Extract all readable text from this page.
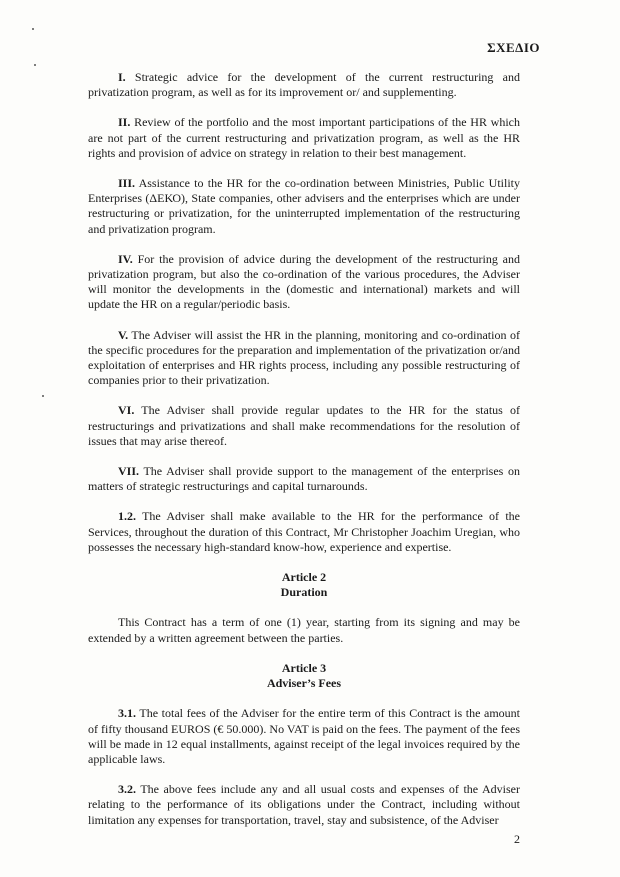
ΣΧΕΔΙΟ

I. Strategic advice for the development of the current restructuring and privatization program, as well as for its improvement or/ and supplementing.

II. Review of the portfolio and the most important participations of the HR which are not part of the current restructuring and privatization program, as well as the HR rights and provision of advice on strategy in relation to their best management.

III. Assistance to the HR for the co-ordination between Ministries, Public Utility Enterprises (ΔΕΚΟ), State companies, other advisers and the enterprises which are under restructuring or privatization, for the uninterrupted implementation of the restructuring and privatization program.

IV. For the provision of advice during the development of the restructuring and privatization program, but also the co-ordination of the various procedures, the Adviser will monitor the developments in the (domestic and international) markets and will update the HR on a regular/periodic basis.

V. The Adviser will assist the HR in the planning, monitoring and co-ordination of the specific procedures for the preparation and implementation of the privatization or/and exploitation of enterprises and HR rights process, including any possible restructuring of companies prior to their privatization.

VI. The Adviser shall provide regular updates to the HR for the status of restructurings and privatizations and shall make recommendations for the resolution of issues that may arise thereof.

VII. The Adviser shall provide support to the management of the enterprises on matters of strategic restructurings and capital turnarounds.

1.2. The Adviser shall make available to the HR for the performance of the Services, throughout the duration of this Contract, Mr Christopher Joachim Uregian, who possesses the necessary high-standard know-how, experience and expertise.

Article 2

Duration

This Contract has a term of one (1) year, starting from its signing and may be extended by a written agreement between the parties.

Article 3

Adviser’s Fees

3.1. The total fees of the Adviser for the entire term of this Contract is the amount of fifty thousand EUROS (€ 50.000). No VAT is paid on the fees. The payment of the fees will be made in 12 equal installments, against receipt of the legal invoices required by the applicable laws.

3.2. The above fees include any and all usual costs and expenses of the Adviser relating to the performance of its obligations under the Contract, including without limitation any expenses for transportation, travel, stay and subsistence, of the Adviser

2
